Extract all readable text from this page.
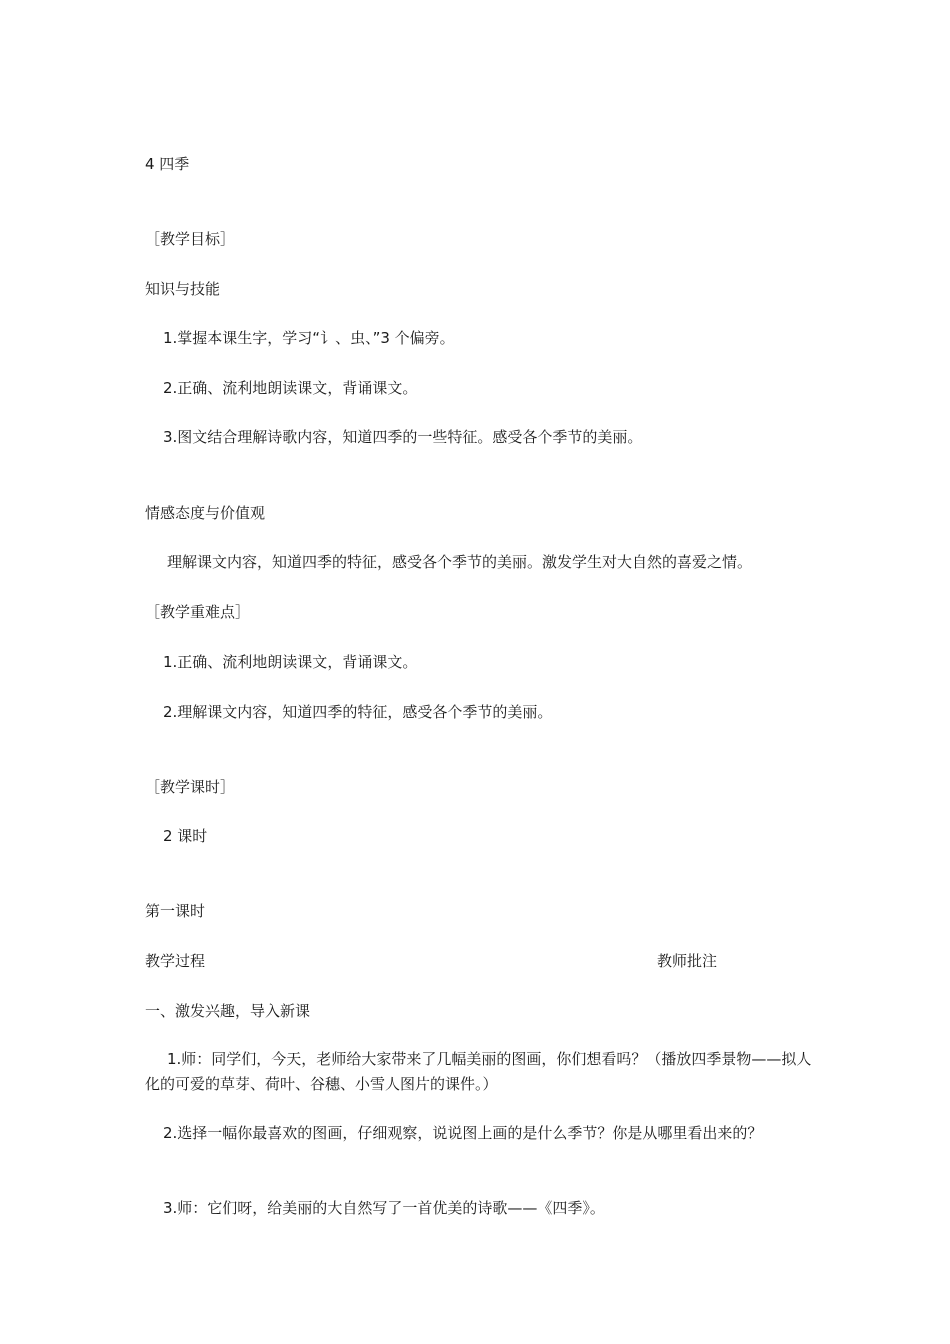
4 四季
［教学目标］
知识与技能
1.掌握本课生字，学习“讠、虫、”3 个偏旁。
2.正确、流利地朗读课文，背诵课文。
3.图文结合理解诗歌内容，知道四季的一些特征。感受各个季节的美丽。
情感态度与价值观
理解课文内容，知道四季的特征，感受各个季节的美丽。激发学生对大自然的喜爱之情。
［教学重难点］
1.正确、流利地朗读课文，背诵课文。
2.理解课文内容，知道四季的特征，感受各个季节的美丽。
［教学课时］
2 课时
第一课时
教学过程	教师批注
一、激发兴趣，导入新课
1.师：同学们，今天，老师给大家带来了几幅美丽的图画，你们想看吗？（播放四季景物——拟人化的可爱的草芽、荷叶、谷穗、小雪人图片的课件。）
2.选择一幅你最喜欢的图画，仔细观察，说说图上画的是什么季节？你是从哪里看出来的？
3.师：它们呀，给美丽的大自然写了一首优美的诗歌——《四季》。
